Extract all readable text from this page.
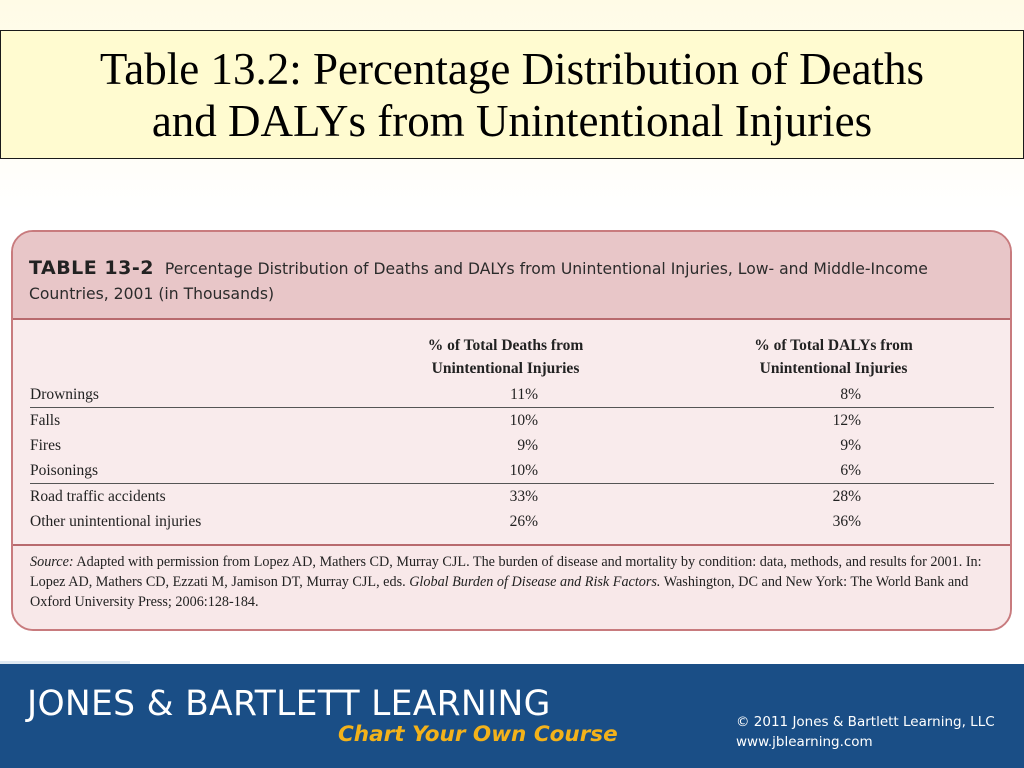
Table 13.2: Percentage Distribution of Deaths
and DALYs from Unintentional Injuries
TABLE 13-2 Percentage Distribution of Deaths and DALYs from Unintentional Injuries, Low- and Middle-Income
Countries, 2001 (in Thousands)
% of Total Deaths from
Unintentional Injuries
% of Total DALYs from
Unintentional Injuries
Drownings	11%	8%
Falls	10%	12%
Fires	9%	9%
Poisonings	10%	6%
Road traffic accidents	33%	28%
Other unintentional injuries	26%	36%
Source: Adapted with permission from Lopez AD, Mathers CD, Murray CJL. The burden of disease and mortality by condition: data, methods, and results for 2001. In: Lopez AD, Mathers CD, Ezzati M, Jamison DT, Murray CJL, eds. Global Burden of Disease and Risk Factors. Washington, DC and New York: The World Bank and Oxford University Press; 2006:128-184.
JONES & BARTLETT LEARNING
Chart Your Own Course	© 2011 Jones & Bartlett Learning, LLC
www.jblearning.com
